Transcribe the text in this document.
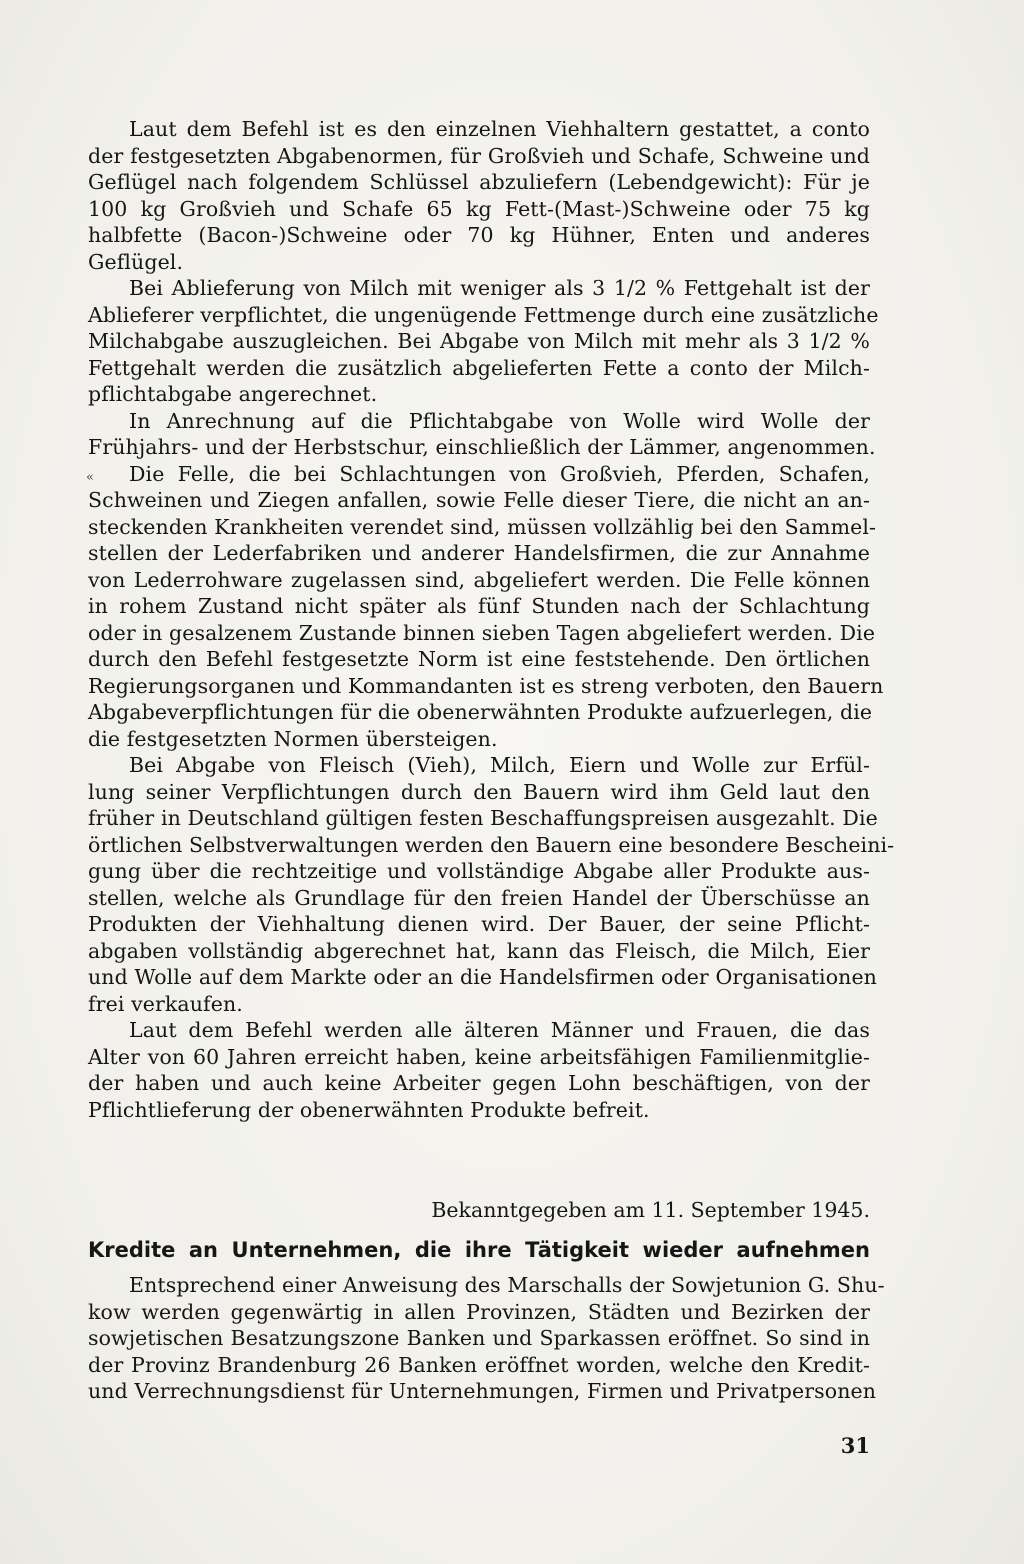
Laut dem Befehl ist es den einzelnen Viehhaltern gestattet, a conto
der festgesetzten Abgabenormen, für Großvieh und Schafe, Schweine und
Geflügel nach folgendem Schlüssel abzuliefern (Lebendgewicht): Für je
100 kg Großvieh und Schafe 65 kg Fett-(Mast-)Schweine oder 75 kg
halbfette (Bacon-)Schweine oder 70 kg Hühner, Enten und anderes
Geflügel.
Bei Ablieferung von Milch mit weniger als 3 1/2 % Fettgehalt ist der
Ablieferer verpflichtet, die ungenügende Fettmenge durch eine zusätzliche
Milchabgabe auszugleichen. Bei Abgabe von Milch mit mehr als 3 1/2 %
Fettgehalt werden die zusätzlich abgelieferten Fette a conto der Milch-
pflichtabgabe angerechnet.
In Anrechnung auf die Pflichtabgabe von Wolle wird Wolle der
Frühjahrs- und der Herbstschur, einschließlich der Lämmer, angenommen.
Die Felle, die bei Schlachtungen von Großvieh, Pferden, Schafen,
Schweinen und Ziegen anfallen, sowie Felle dieser Tiere, die nicht an an-
steckenden Krankheiten verendet sind, müssen vollzählig bei den Sammel-
stellen der Lederfabriken und anderer Handelsfirmen, die zur Annahme
von Lederrohware zugelassen sind, abgeliefert werden. Die Felle können
in rohem Zustand nicht später als fünf Stunden nach der Schlachtung
oder in gesalzenem Zustande binnen sieben Tagen abgeliefert werden. Die
durch den Befehl festgesetzte Norm ist eine feststehende. Den örtlichen
Regierungsorganen und Kommandanten ist es streng verboten, den Bauern
Abgabeverpflichtungen für die obenerwähnten Produkte aufzuerlegen, die
die festgesetzten Normen übersteigen.
Bei Abgabe von Fleisch (Vieh), Milch, Eiern und Wolle zur Erfül-
lung seiner Verpflichtungen durch den Bauern wird ihm Geld laut den
früher in Deutschland gültigen festen Beschaffungspreisen ausgezahlt. Die
örtlichen Selbstverwaltungen werden den Bauern eine besondere Bescheini-
gung über die rechtzeitige und vollständige Abgabe aller Produkte aus-
stellen, welche als Grundlage für den freien Handel der Überschüsse an
Produkten der Viehhaltung dienen wird. Der Bauer, der seine Pflicht-
abgaben vollständig abgerechnet hat, kann das Fleisch, die Milch, Eier
und Wolle auf dem Markte oder an die Handelsfirmen oder Organisationen
frei verkaufen.
Laut dem Befehl werden alle älteren Männer und Frauen, die das
Alter von 60 Jahren erreicht haben, keine arbeitsfähigen Familienmitglie-
der haben und auch keine Arbeiter gegen Lohn beschäftigen, von der
Pflichtlieferung der obenerwähnten Produkte befreit.
«
Bekanntgegeben am 11. September 1945.
Kredite an Unternehmen, die ihre Tätigkeit wieder aufnehmen
Entsprechend einer Anweisung des Marschalls der Sowjetunion G. Shu-
kow werden gegenwärtig in allen Provinzen, Städten und Bezirken der
sowjetischen Besatzungszone Banken und Sparkassen eröffnet. So sind in
der Provinz Brandenburg 26 Banken eröffnet worden, welche den Kredit-
und Verrechnungsdienst für Unternehmungen, Firmen und Privatpersonen
31
